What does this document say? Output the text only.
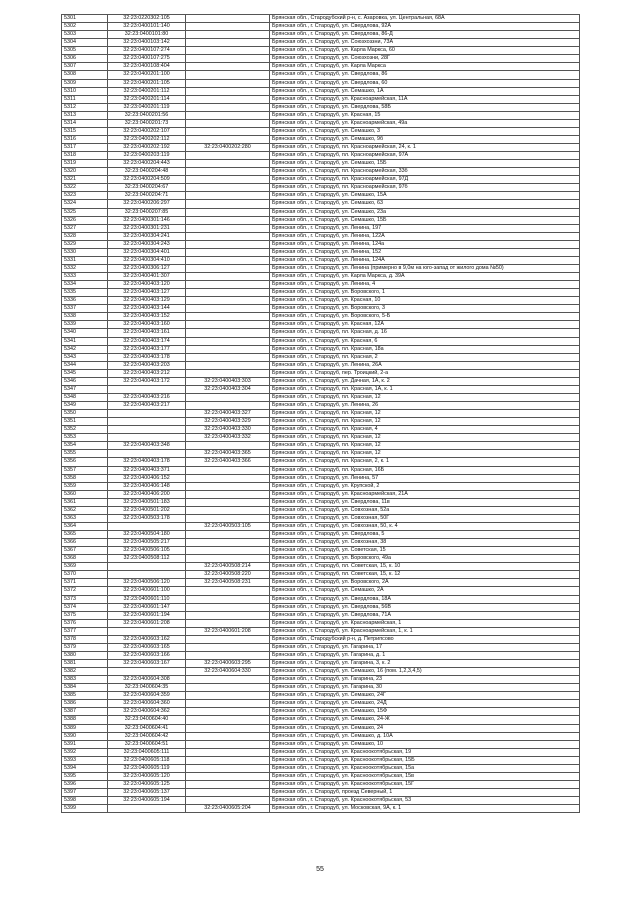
5301	32:23:0220302:105		Брянская обл., Стародубский р-н, с. Азаровка, ул. Центральная, 68А
5302	32:23:0400101:140		Брянская обл., г. Стародуб, ул. Свердлова, 92А
5303	32:23:0400101:80		Брянская обл., г. Стародуб, ул. Свердлова, 86-Д
5304	32:23:0400103:142		Брянская обл., г. Стародуб, ул. Союзхоззни, 73А
5305	32:23:0400107:274		Брянская обл., г. Стародуб, ул. Карла Маркса, 60
5306	32:23:0400107:275		Брянская обл., г. Стародуб, ул. Союзхозни, 28Г
5307	32:23:0400108:404		Брянская обл., г. Стародуб, ул. Карла Маркса
5308	32:23:0400201:100		Брянская обл., г. Стародуб, ул. Свердлова, 86
5309	32:23:0400201:105		Брянская обл., г. Стародуб, ул. Свердлова, 60
5310	32:23:0400201:112		Брянская обл., г. Стародуб, ул. Семашко, 1А
5311	32:23:0400201:114		Брянская обл., г. Стародуб, ул. Красноармейская, 11А
5312	32:23:0400201:119		Брянская обл., г. Стародуб, ул. Свердлова, 58Б
5313	32:23:0400201:56		Брянская обл., г. Стародуб, ул. Красная, 15
5314	32:23:0400201:73		Брянская обл., г. Стародуб, ул. Красноармейская, 49а
5315	32:23:0400202:107		Брянская обл., г. Стародуб, ул. Семашко, 3
5316	32:23:0400202:112		Брянская обл., г. Стародуб, ул. Семашко, 9б
5317	32:23:0400202:192	32:23:0400202:280	Брянская обл., г. Стародуб, пл. Красноармейская, 24, к. 1
5318	32:23:0400203:119		Брянская обл., г. Стародуб, пл. Красноармейская, 97А
5319	32:23:0400204:443		Брянская обл., г. Стародуб, ул. Семашко, 15Б
5320	32:23:0400204:48		Брянская обл., г. Стародуб, пл. Красноармейская, 33б
5321	32:23:0400204:509		Брянская обл., г. Стародуб, пл. Красноармейская, 97Д
5322	32:23:0400204:67		Брянская обл., г. Стародуб, пл. Красноармейская, 97б
5323	32:23:0400204:71		Брянская обл., г. Стародуб, ул. Семашко, 15А
5324	32:23:0400206:297		Брянская обл., г. Стародуб, ул. Семашко, 63
5325	32:23:0400207:85		Брянская обл., г. Стародуб, ул. Семашко, 23а
5326	32:23:0400301:146		Брянская обл., г. Стародуб, ул. Семашко, 15Б
5327	32:23:0400301:231		Брянская обл., г. Стародуб, ул. Ленина, 197
5328	32:23:0400304:241		Брянская обл., г. Стародуб, ул. Ленина, 122А
5329	32:23:0400304:243		Брянская обл., г. Стародуб, ул. Ленина, 124а
5330	32:23:0400304:401		Брянская обл., г. Стародуб, ул. Ленина, 152
5331	32:23:0400304:410		Брянская обл., г. Стародуб, ул. Ленина, 124А
5332	32:23:0400306:127		Брянская обл., г. Стародуб, ул. Ленина (примерно в 9,0м на юго-запад от жилого дома №50)
5333	32:23:0400401:307		Брянская обл., г. Стародуб, ул. Карла Маркса, д. 39А
5334	32:23:0400403:120		Брянская обл., г. Стародуб, ул. Ленина, 4
5335	32:23:0400403:127		Брянская обл., г. Стародуб, ул. Воровского, 1
5336	32:23:0400403:129		Брянская обл., г. Стародуб, ул. Красная, 10
5337	32:23:0400403:144		Брянская обл., г. Стародуб, ул. Воровского, 3
5338	32:23:0400403:152		Брянская обл., г. Стародуб, ул. Воровского, 5-Б
5339	32:23:0400403:160		Брянская обл., г. Стародуб, ул. Красная, 12А
5340	32:23:0400403:161		Брянская обл., г. Стародуб, пл. Красная, д. 16
5341	32:23:0400403:174		Брянская обл., г. Стародуб, ул. Красная, 6
5342	32:23:0400403:177		Брянская обл., г. Стародуб, пл. Красная, 18а
5343	32:23:0400403:178		Брянская обл., г. Стародуб, пл. Красная, 2
5344	32:23:0400403:203		Брянская обл., г. Стародуб, ул. Ленина, 26А
5345	32:23:0400403:212		Брянская обл., г. Стародуб, пер. Троицкий, 2-а
5346	32:23:0400403:172	32:23:0400403:303	Брянская обл., г. Стародуб, ул. Дачная, 1А, к. 2
5347		32:23:0400403:304	Брянская обл., г. Стародуб, пл. Красная, 1А, к. 1
5348	32:23:0400403:216		Брянская обл., г. Стародуб, пл. Красная, 12
5349	32:23:0400403:217		Брянская обл., г. Стародуб, ул. Ленина, 26
5350		32:23:0400403:327	Брянская обл., г. Стародуб, пл. Красная, 12
5351		32:23:0400403:329	Брянская обл., г. Стародуб, пл. Красная, 12
5352		32:23:0400403:330	Брянская обл., г. Стародуб, пл. Красная, 4
5353		32:23:0400403:332	Брянская обл., г. Стародуб, пл. Красная, 12
5354	32:23:0400403:348		Брянская обл., г. Стародуб, пл. Красная, 12
5355		32:23:0400403:365	Брянская обл., г. Стародуб, пл. Красная, 12
5356	32:23:0400403:178	32:23:0400403:366	Брянская обл., г. Стародуб, пл. Красная, 2, к. 1
5357	32:23:0400403:371		Брянская обл., г. Стародуб, пл. Красная, 16Б
5358	32:23:0400406:152		Брянская обл., г. Стародуб, ул. Ленина, 57
5359	32:23:0400406:148		Брянская обл., г. Стародуб, ул. Крупской, 2
5360	32:23:0400406:200		Брянская обл., г. Стародуб, ул. Красноармейская, 21А
5361	32:23:0400501:183		Брянская обл., г. Стародуб, ул. Свердлова, 11в
5362	32:23:0400501:202		Брянская обл., г. Стародуб, ул. Совхозная, 52а
5363	32:23:0400503:178		Брянская обл., г. Стародуб, ул. Совхозная, 50Г
5364		32:23:0400503:105	Брянская обл., г. Стародуб, ул. Совхозная, 50, к. 4
5365	32:23:0400504:180		Брянская обл., г. Стародуб, ул. Свердлова, 5
5366	32:23:0400505:217		Брянская обл., г. Стародуб, ул. Совхозная, 38
5367	32:23:0400506:105		Брянская обл., г. Стародуб, ул. Советская, 15
5368	32:23:0400508:112		Брянская обл., г. Стародуб, ул. Воровского, 49а
5369		32:23:0400508:214	Брянская обл., г. Стародуб, пл. Советская, 15, к. 10
5370		32:23:0400508:220	Брянская обл., г. Стародуб, пл. Советская, 15, к. 12
5371	32:23:0400506:120	32:23:0400508:231	Брянская обл., г. Стародуб, ул. Воровского, 2А
5372	32:23:0400601:100		Брянская обл., г. Стародуб, ул. Семашко, 2А
5373	32:23:0400601:110		Брянская обл., г. Стародуб, ул. Свердлова, 18А
5374	32:23:0400601:147		Брянская обл., г. Стародуб, ул. Свердлова, 56В
5375	32:23:0400601:194		Брянская обл., г. Стародуб, ул. Свердлова, 71А
5376	32:23:0400601:208		Брянская обл., г. Стародуб, ул. Красноармейская, 1
5377		32:23:0400601:208	Брянская обл., г. Стародуб, ул. Красноармейская, 1, к. 1
5378	32:23:0400603:162		Брянская обл., Стародубский р-н, д. Петрипсово
5379	32:23:0400603:165		Брянская обл., г. Стародуб, ул. Гагарина, 17
5380	32:23:0400603:166		Брянская обл., г. Стародуб, ул. Гагарина, д. 1
5381	32:23:0400603:167	32:23:0400603:295	Брянская обл., г. Стародуб, ул. Гагарина, 3, к. 2
5382		32:23:0400604:330	Брянская обл., г. Стародуб, ул. Семашко, 16 (пом. 1,2,3,4,5)
5383	32:23:0400604:308		Брянская обл., г. Стародуб, ул. Гагарина, 23
5384	32:23:0400604:35		Брянская обл., г. Стародуб, ул. Гагарина, 30
5385	32:23:0400604:359		Брянская обл., г. Стародуб, ул. Семашко, 24Г
5386	32:23:0400604:360		Брянская обл., г. Стародуб, ул. Семашко, 24Д
5387	32:23:0400604:362		Брянская обл., г. Стародуб, ул. Семашко, 15Ф
5388	32:23:0400604:40		Брянская обл., г. Стародуб, ул. Семашко, 24-Ж
5389	32:23:0400604:41		Брянская обл., г. Стародуб, ул. Семашко, 24
5390	32:23:0400604:42		Брянская обл., г. Стародуб, ул. Семашко, д. 10А
5391	32:23:0400604:51		Брянская обл., г. Стародуб, ул. Семашко, 10
5392	32:23:0400605:111		Брянская обл., г. Стародуб, ул. Красноокотябрьская, 19
5393	32:23:0400605:118		Брянская обл., г. Стародуб, ул. Красноокотябрьская, 15Б
5394	32:23:0400605:119		Брянская обл., г. Стародуб, ул. Красноокотябрьская, 15а
5395	32:23:0400605:120		Брянская обл., г. Стародуб, ул. Красноокотябрьская, 15в
5396	32:23:0400605:125		Брянская обл., г. Стародуб, ул. Красноокотябрьская, 15Г
5397	32:23:0400605:137		Брянская обл., г. Стародуб, проезд Северный, 1
5398	32:23:0400605:194		Брянская обл., г. Стародуб, ул. Красноокотябрьская, 53
5399		32:23:0400605:204	Брянская обл., г. Стародуб, ул. Московская, 9А, к. 1
55
